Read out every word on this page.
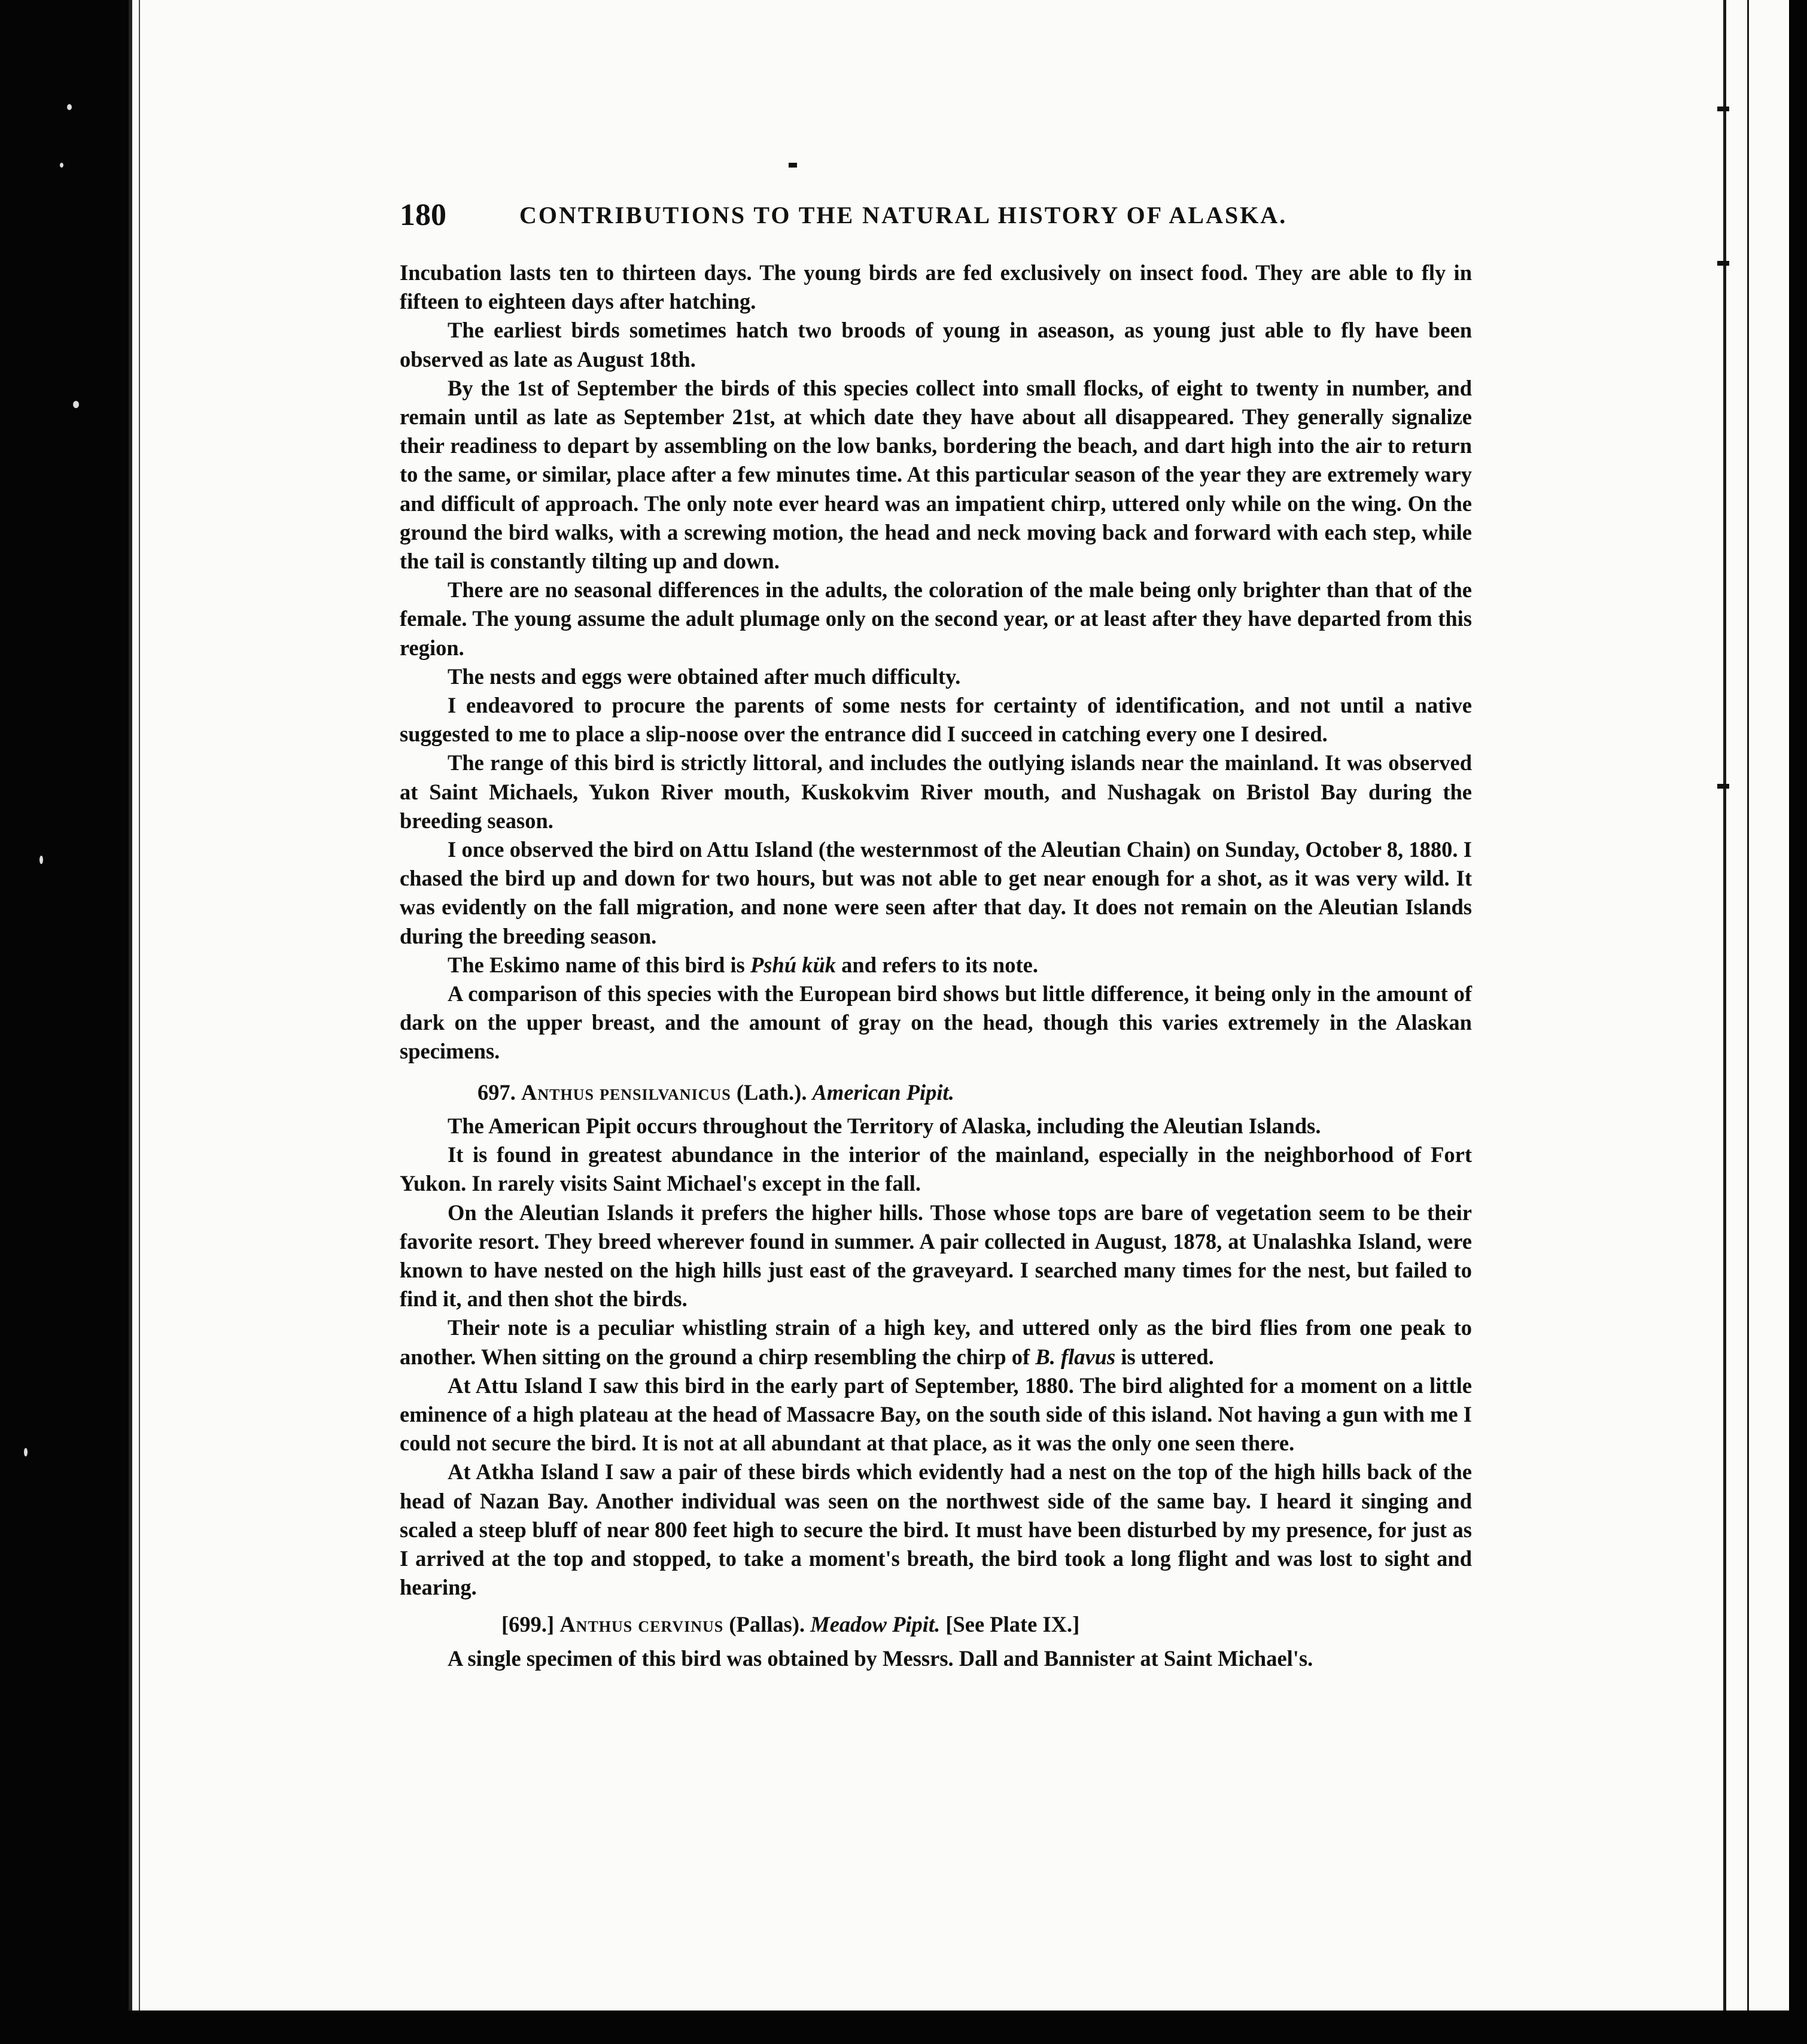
180	CONTRIBUTIONS TO THE NATURAL HISTORY OF ALASKA.

Incubation lasts ten to thirteen days. The young birds are fed exclusively on insect food. They are able to fly in fifteen to eighteen days after hatching.

The earliest birds sometimes hatch two broods of young in aseason, as young just able to fly have been observed as late as August 18th.

By the 1st of September the birds of this species collect into small flocks, of eight to twenty in number, and remain until as late as September 21st, at which date they have about all disappeared. They generally signalize their readiness to depart by assembling on the low banks, bordering the beach, and dart high into the air to return to the same, or similar, place after a few minutes time. At this particular season of the year they are extremely wary and difficult of approach. The only note ever heard was an impatient chirp, uttered only while on the wing. On the ground the bird walks, with a screwing motion, the head and neck moving back and forward with each step, while the tail is constantly tilting up and down.

There are no seasonal differences in the adults, the coloration of the male being only brighter than that of the female. The young assume the adult plumage only on the second year, or at least after they have departed from this region.

The nests and eggs were obtained after much difficulty.

I endeavored to procure the parents of some nests for certainty of identification, and not until a native suggested to me to place a slip-noose over the entrance did I succeed in catching every one I desired.

The range of this bird is strictly littoral, and includes the outlying islands near the mainland. It was observed at Saint Michaels, Yukon River mouth, Kuskokvim River mouth, and Nushagak on Bristol Bay during the breeding season.

I once observed the bird on Attu Island (the westernmost of the Aleutian Chain) on Sunday, October 8, 1880. I chased the bird up and down for two hours, but was not able to get near enough for a shot, as it was very wild. It was evidently on the fall migration, and none were seen after that day. It does not remain on the Aleutian Islands during the breeding season.

The Eskimo name of this bird is Pshú kük and refers to its note.

A comparison of this species with the European bird shows but little difference, it being only in the amount of dark on the upper breast, and the amount of gray on the head, though this varies extremely in the Alaskan specimens.

697. Anthus pensilvanicus (Lath.). American Pipit.

The American Pipit occurs throughout the Territory of Alaska, including the Aleutian Islands.

It is found in greatest abundance in the interior of the mainland, especially in the neighborhood of Fort Yukon. In rarely visits Saint Michael's except in the fall.

On the Aleutian Islands it prefers the higher hills. Those whose tops are bare of vegetation seem to be their favorite resort. They breed wherever found in summer. A pair collected in August, 1878, at Unalashka Island, were known to have nested on the high hills just east of the graveyard. I searched many times for the nest, but failed to find it, and then shot the birds.

Their note is a peculiar whistling strain of a high key, and uttered only as the bird flies from one peak to another. When sitting on the ground a chirp resembling the chirp of B. flavus is uttered.

At Attu Island I saw this bird in the early part of September, 1880. The bird alighted for a moment on a little eminence of a high plateau at the head of Massacre Bay, on the south side of this island. Not having a gun with me I could not secure the bird. It is not at all abundant at that place, as it was the only one seen there.

At Atkha Island I saw a pair of these birds which evidently had a nest on the top of the high hills back of the head of Nazan Bay. Another individual was seen on the northwest side of the same bay. I heard it singing and scaled a steep bluff of near 800 feet high to secure the bird. It must have been disturbed by my presence, for just as I arrived at the top and stopped, to take a moment's breath, the bird took a long flight and was lost to sight and hearing.

[699.] Anthus cervinus (Pallas). Meadow Pipit. [See Plate IX.]

A single specimen of this bird was obtained by Messrs. Dall and Bannister at Saint Michael's.
